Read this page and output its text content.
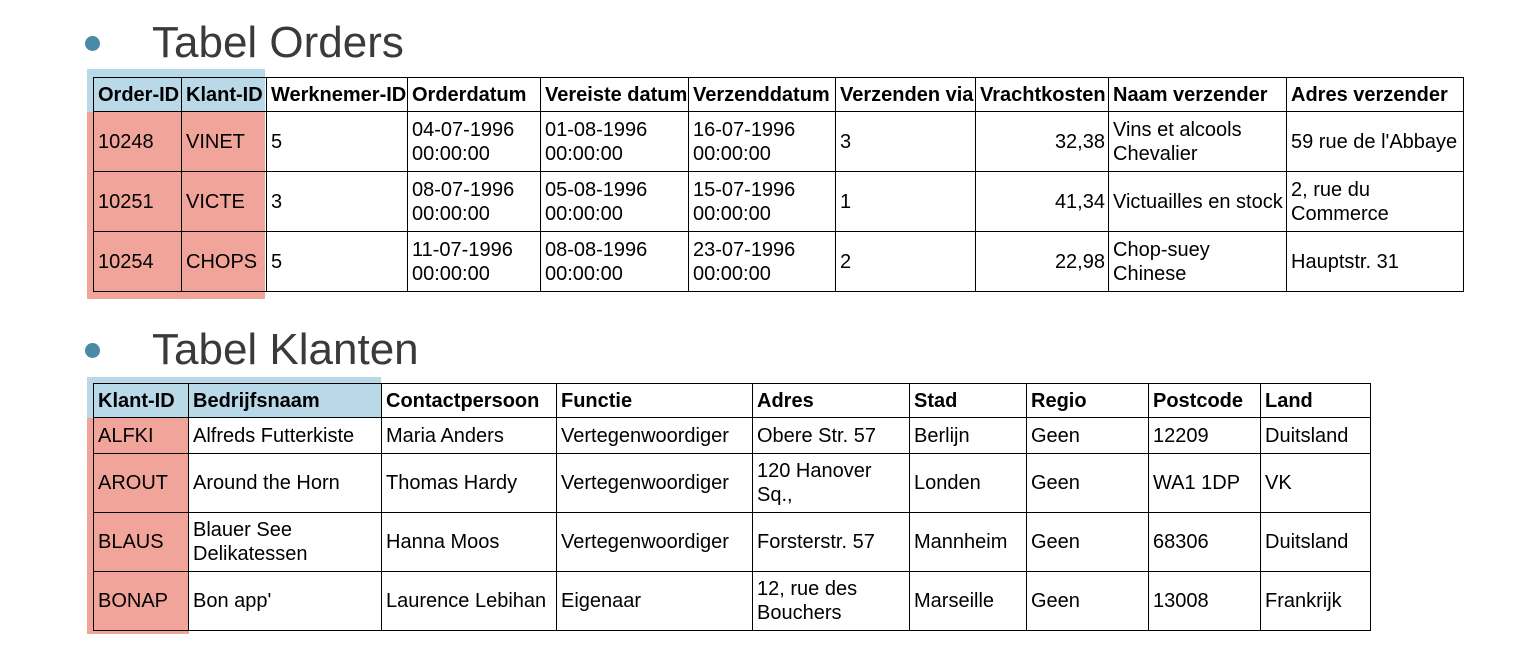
Tabel Orders
Order-ID	Klant-ID	Werknemer-ID	Orderdatum	Vereiste datum	Verzenddatum	Verzenden via	Vrachtkosten	Naam verzender	Adres verzender
10248	VINET	5	04-07-1996 00:00:00	01-08-1996 00:00:00	16-07-1996 00:00:00	3	32,38	Vins et alcools Chevalier	59 rue de l'Abbaye
10251	VICTE	3	08-07-1996 00:00:00	05-08-1996 00:00:00	15-07-1996 00:00:00	1	41,34	Victuailles en stock	2, rue du Commerce
10254	CHOPS	5	11-07-1996 00:00:00	08-08-1996 00:00:00	23-07-1996 00:00:00	2	22,98	Chop-suey Chinese	Hauptstr. 31
Tabel Klanten
Klant-ID	Bedrijfsnaam	Contactpersoon	Functie	Adres	Stad	Regio	Postcode	Land
ALFKI	Alfreds Futterkiste	Maria Anders	Vertegenwoordiger	Obere Str. 57	Berlijn	Geen	12209	Duitsland
AROUT	Around the Horn	Thomas Hardy	Vertegenwoordiger	120 Hanover Sq.,	Londen	Geen	WA1 1DP	VK
BLAUS	Blauer See Delikatessen	Hanna Moos	Vertegenwoordiger	Forsterstr. 57	Mannheim	Geen	68306	Duitsland
BONAP	Bon app'	Laurence Lebihan	Eigenaar	12, rue des Bouchers	Marseille	Geen	13008	Frankrijk
